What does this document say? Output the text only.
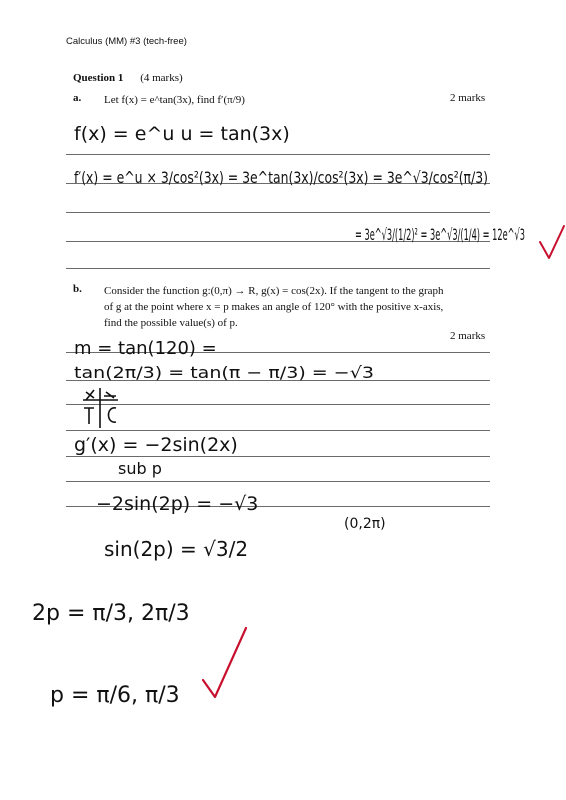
Calculus (MM) #3 (tech-free)
Question 1 (4 marks)
a. Let f(x) = e^tan(3x), find f′(π/9)	2 marks
b. Consider the function g:(0,π) → R, g(x) = cos(2x). If the tangent to the graph
of g at the point where x = p makes an angle of 120° with the positive x-axis,
find the possible value(s) of p.
2 marks
f(x) = e^u u = tan(3x)
f′(x) = e^u × 3/cos²(3x) = 3e^tan(3x)/cos²(3x) = 3e^√3/cos²(π/3)
= 3e^√3/(1/2)² = 3e^√3/(1/4) = 12e^√3
m = tan(120) =
tan(2π/3) = tan(π − π/3) = −√3
g′(x) = −2sin(2x)
sub p
−2sin(2p) = −√3
(0,2π)
sin(2p) = √3/2
2p = π/3, 2π/3
p = π/6, π/3
